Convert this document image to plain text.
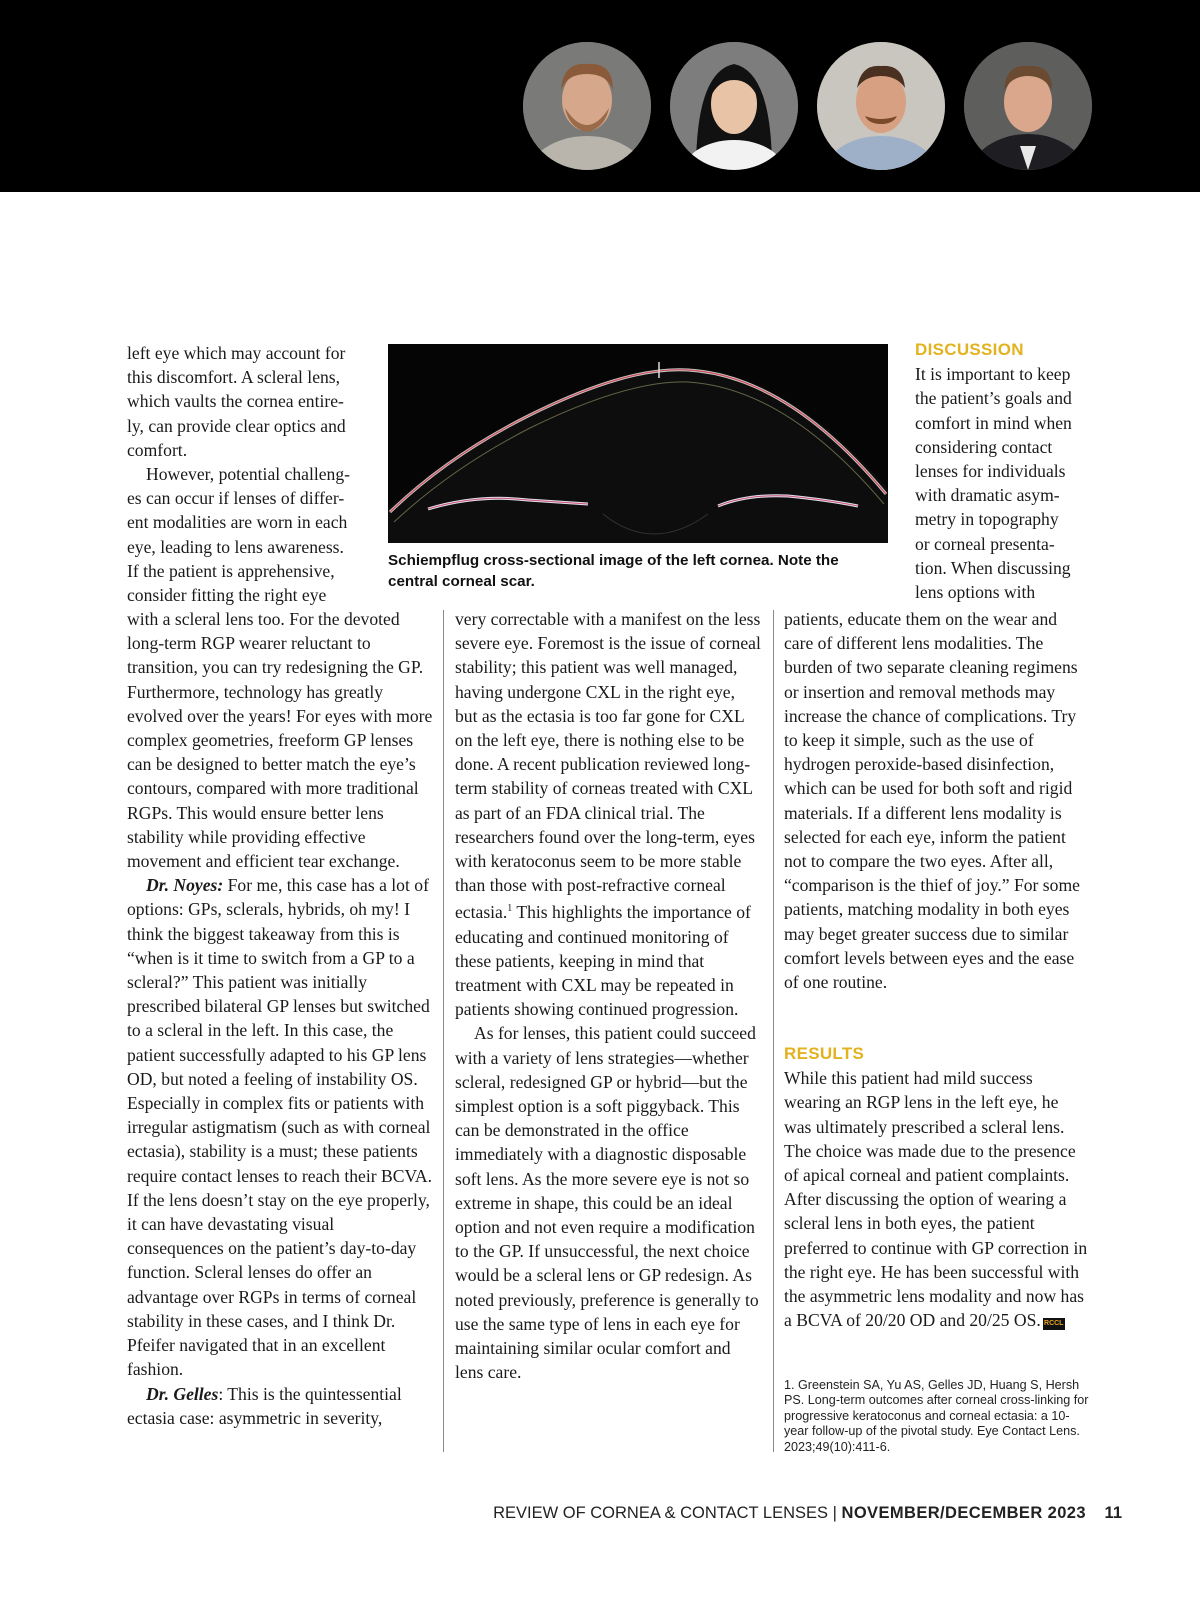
Schiempflug cross-sectional image of the left cornea. Note the central corneal scar.

left eye which may account for

this discomfort. A scleral lens,

which vaults the cornea entire-

ly, can provide clear optics and

comfort.

However, potential challeng-

es can occur if lenses of differ-

ent modalities are worn in each

eye, leading to lens awareness.

If the patient is apprehensive,

consider fitting the right eye

with a scleral lens too. For the devoted long-term RGP wearer reluctant to transition, you can try redesigning the GP. Furthermore, technology has greatly evolved over the years! For eyes with more complex geometries, freeform GP lenses can be designed to better match the eye’s contours, compared with more traditional RGPs. This would ensure better lens stability while providing effective movement and efficient tear exchange.

Dr. Noyes: For me, this case has a lot of options: GPs, sclerals, hybrids, oh my! I think the biggest takeaway from this is “when is it time to switch from a GP to a scleral?” This patient was initially prescribed bilateral GP lenses but switched to a scleral in the left. In this case, the patient successfully adapted to his GP lens OD, but noted a feeling of instability OS. Especially in complex fits or patients with irregular astigmatism (such as with corneal ectasia), stability is a must; these patients require contact lenses to reach their BCVA. If the lens doesn’t stay on the eye properly, it can have devastating visual consequences on the patient’s day-to-day function. Scleral lenses do offer an advantage over RGPs in terms of corneal stability in these cases, and I think Dr. Pfeifer navigated that in an excellent fashion.

Dr. Gelles: This is the quintessential ectasia case: asymmetric in severity,

very correctable with a manifest on the less severe eye. Foremost is the issue of corneal stability; this patient was well managed, having undergone CXL in the right eye, but as the ectasia is too far gone for CXL on the left eye, there is nothing else to be done. A recent publication reviewed long-term stability of corneas treated with CXL as part of an FDA clinical trial. The researchers found over the long-term, eyes with keratoconus seem to be more stable than those with post-refractive corneal ectasia.$^1$ This highlights the importance of educating and continued monitoring of these patients, keeping in mind that treatment with CXL may be repeated in patients showing continued progression.

As for lenses, this patient could succeed with a variety of lens strategies—whether scleral, redesigned GP or hybrid—but the simplest option is a soft piggyback. This can be demonstrated in the office immediately with a diagnostic disposable soft lens. As the more severe eye is not so extreme in shape, this could be an ideal option and not even require a modification to the GP. If unsuccessful, the next choice would be a scleral lens or GP redesign. As noted previously, preference is generally to use the same type of lens in each eye for maintaining similar ocular comfort and lens care.

DISCUSSION

It is important to keep

the patient’s goals and

comfort in mind when

considering contact

lenses for individuals

with dramatic asym-

metry in topography

or corneal presenta-

tion. When discussing

lens options with

patients, educate them on the wear and care of different lens modalities. The burden of two separate cleaning regimens or insertion and removal methods may increase the chance of complications. Try to keep it simple, such as the use of hydrogen peroxide-based disinfection, which can be used for both soft and rigid materials. If a different lens modality is selected for each eye, inform the patient not to compare the two eyes. After all, “comparison is the thief of joy.” For some patients, matching modality in both eyes may beget greater success due to similar comfort levels between eyes and the ease of one routine.

RESULTS

While this patient had mild success wearing an RGP lens in the left eye, he was ultimately prescribed a scleral lens. The choice was made due to the presence of apical corneal and patient complaints. After discussing the option of wearing a scleral lens in both eyes, the patient preferred to continue with GP correction in the right eye. He has been successful with the asymmetric lens modality and now has a BCVA of 20/20 OD and 20/25 OS. RCCL

1. Greenstein SA, Yu AS, Gelles JD, Huang S, Hersh PS. Long-term outcomes after corneal cross-linking for progressive keratoconus and corneal ectasia: a 10-year follow-up of the pivotal study. Eye Contact Lens. 2023;49(10):411-6.

REVIEW OF CORNEA & CONTACT LENSES | NOVEMBER/DECEMBER 2023 11
